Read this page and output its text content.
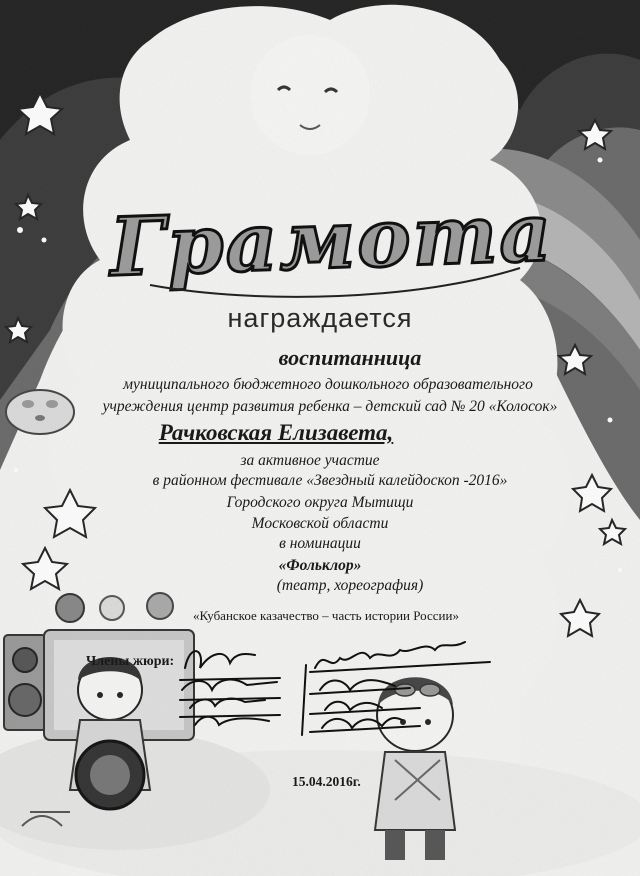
Грамота
награждается
воспитанница
муниципального бюджетного дошкольного образовательного
учреждения центр развития ребенка – детский сад № 20 «Колосок»
Рачковская Елизавета,
за активное участие
в районном фестивале «Звездный калейдоскоп -2016»
Городского округа Мытищи
Московской области
в номинации
«Фольклор»
(театр, хореография)
«Кубанское казачество – часть истории России»
Члены жюри:
15.04.2016г.
